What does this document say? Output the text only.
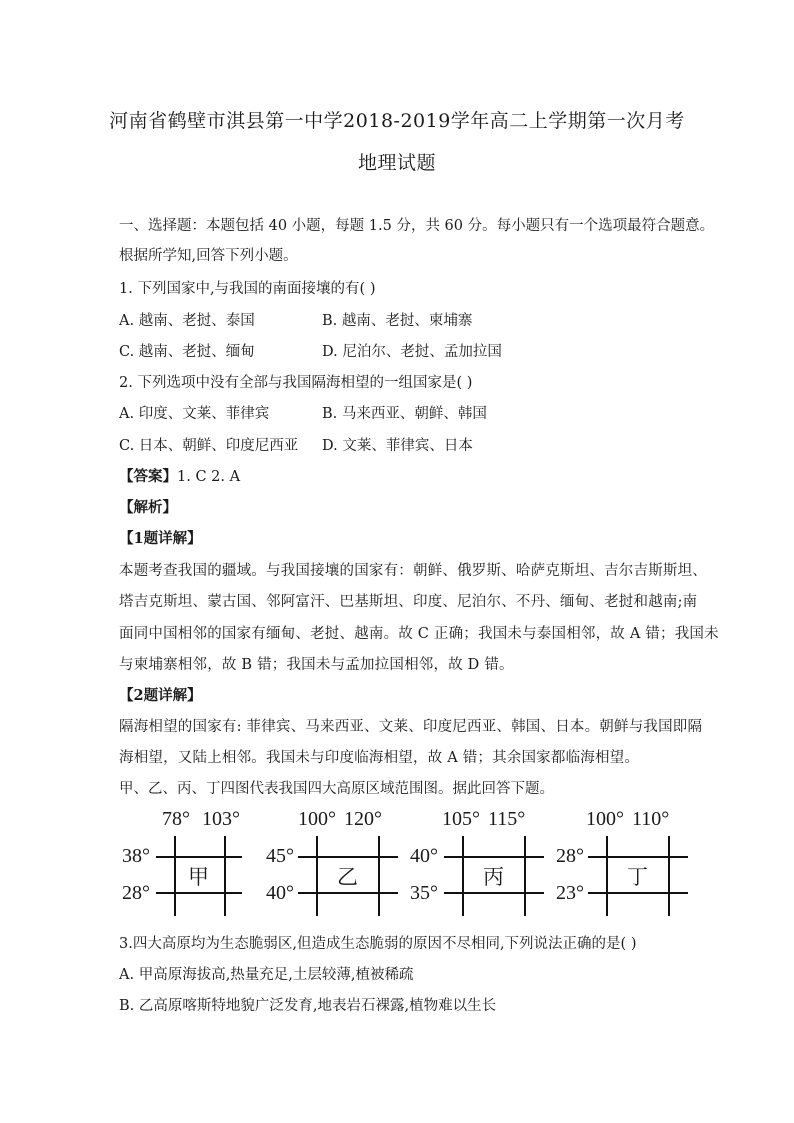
河南省鹤壁市淇县第一中学2018-2019学年高二上学期第一次月考
地理试题
一、选择题：本题包括 40 小题，每题 1.5 分，共 60 分。每小题只有一个选项最符合题意。
根据所学知,回答下列小题。
1. 下列国家中,与我国的南面接壤的有( )
A. 越南、老挝、泰国	B. 越南、老挝、柬埔寨
C. 越南、老挝、缅甸	D. 尼泊尔、老挝、孟加拉国
2. 下列选项中没有全部与我国隔海相望的一组国家是( )
A. 印度、文莱、菲律宾	B. 马来西亚、朝鲜、韩国
C. 日本、朝鲜、印度尼西亚 D. 文莱、菲律宾、日本
【答案】1. C 2. A
【解析】
【1题详解】
本题考查我国的疆域。与我国接壤的国家有：朝鲜、俄罗斯、哈萨克斯坦、吉尔吉斯斯坦、
塔吉克斯坦、蒙古国、邻阿富汗、巴基斯坦、印度、尼泊尔、不丹、缅甸、老挝和越南;南
面同中国相邻的国家有缅甸、老挝、越南。故 C 正确；我国未与泰国相邻，故 A 错；我国未
与柬埔寨相邻，故 B 错；我国未与孟加拉国相邻，故 D 错。
【2题详解】
隔海相望的国家有: 菲律宾、马来西亚、文莱、印度尼西亚、韩国、日本。朝鲜与我国即隔
海相望，又陆上相邻。我国未与印度临海相望，故 A 错；其余国家都临海相望。
甲、乙、丙、丁四图代表我国四大高原区域范围图。据此回答下题。
78° 103°
38°
28°
甲
100° 120°
45°
40°
乙
105° 115°
40°
35°
丙
100° 110°
28°
23°
丁
3.四大高原均为生态脆弱区,但造成生态脆弱的原因不尽相同,下列说法正确的是( )
A. 甲高原海拔高,热量充足,土层较薄,植被稀疏
B. 乙高原喀斯特地貌广泛发育,地表岩石裸露,植物难以生长
